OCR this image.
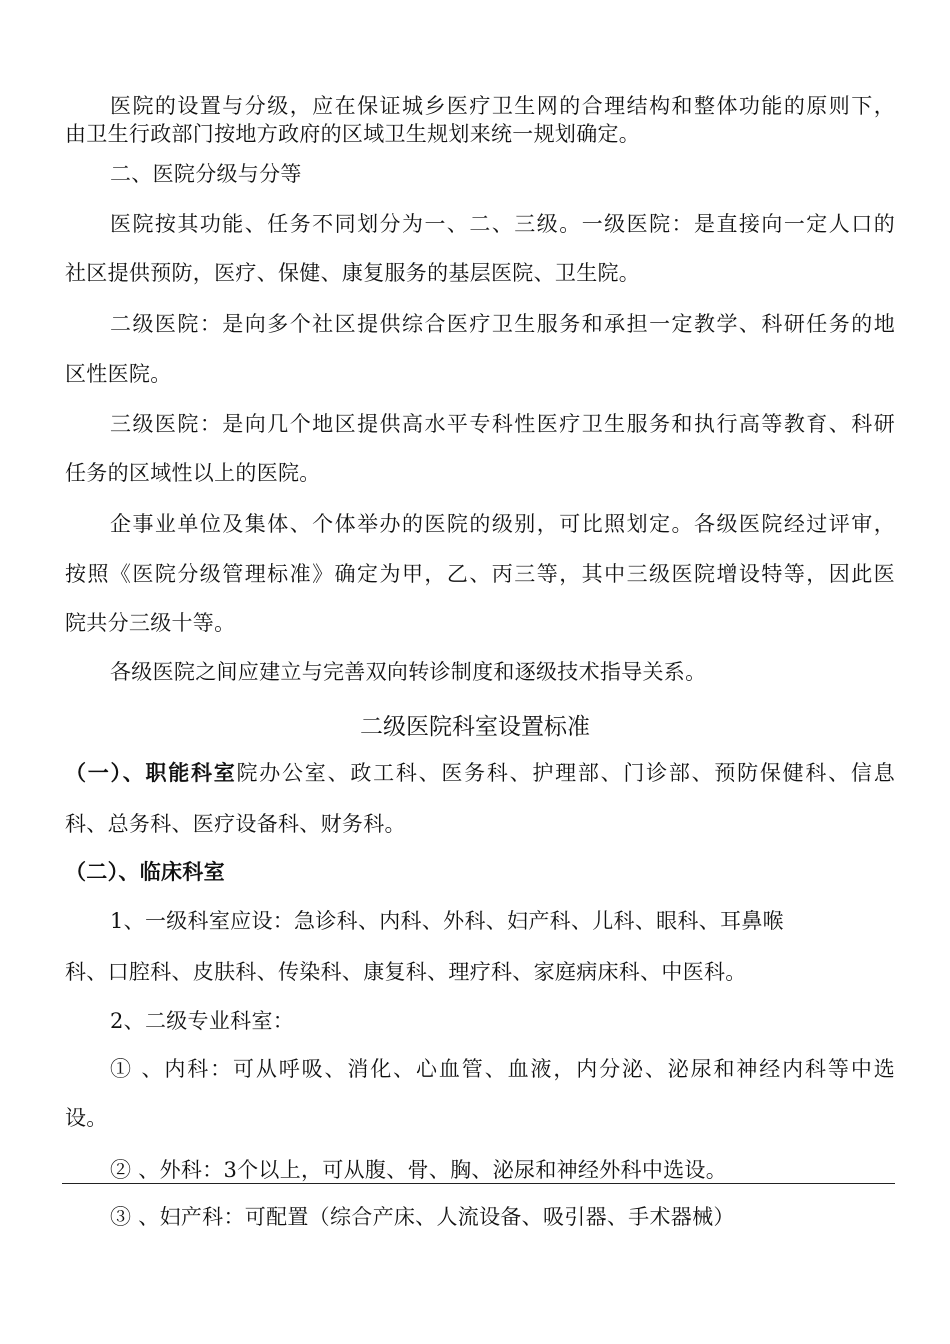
医院的设置与分级，应在保证城乡医疗卫生网的合理结构和整体功能的原则下，
由卫生行政部门按地方政府的区域卫生规划来统一规划确定。
二、医院分级与分等
医院按其功能、任务不同划分为一、二、三级。一级医院：是直接向一定人口的
社区提供预防，医疗、保健、康复服务的基层医院、卫生院。
二级医院：是向多个社区提供综合医疗卫生服务和承担一定教学、科研任务的地
区性医院。
三级医院：是向几个地区提供高水平专科性医疗卫生服务和执行高等教育、科研
任务的区域性以上的医院。
企事业单位及集体、个体举办的医院的级别，可比照划定。各级医院经过评审，
按照《医院分级管理标准》确定为甲，乙、丙三等，其中三级医院增设特等，因此医
院共分三级十等。
各级医院之间应建立与完善双向转诊制度和逐级技术指导关系。
二级医院科室设置标准
（一）、职能科室院办公室、政工科、医务科、护理部、门诊部、预防保健科、信息
科、总务科、医疗设备科、财务科。
（二）、临床科室
1、一级科室应设：急诊科、内科、外科、妇产科、儿科、眼科、耳鼻喉
科、口腔科、皮肤科、传染科、康复科、理疗科、家庭病床科、中医科。
2、二级专业科室：
① 、内科：可从呼吸、消化、心血管、血液，内分泌、泌尿和神经内科等中选
设。
② 、外科：3个以上，可从腹、骨、胸、泌尿和神经外科中选设。
③ 、妇产科：可配置（综合产床、人流设备、吸引器、手术器械）
